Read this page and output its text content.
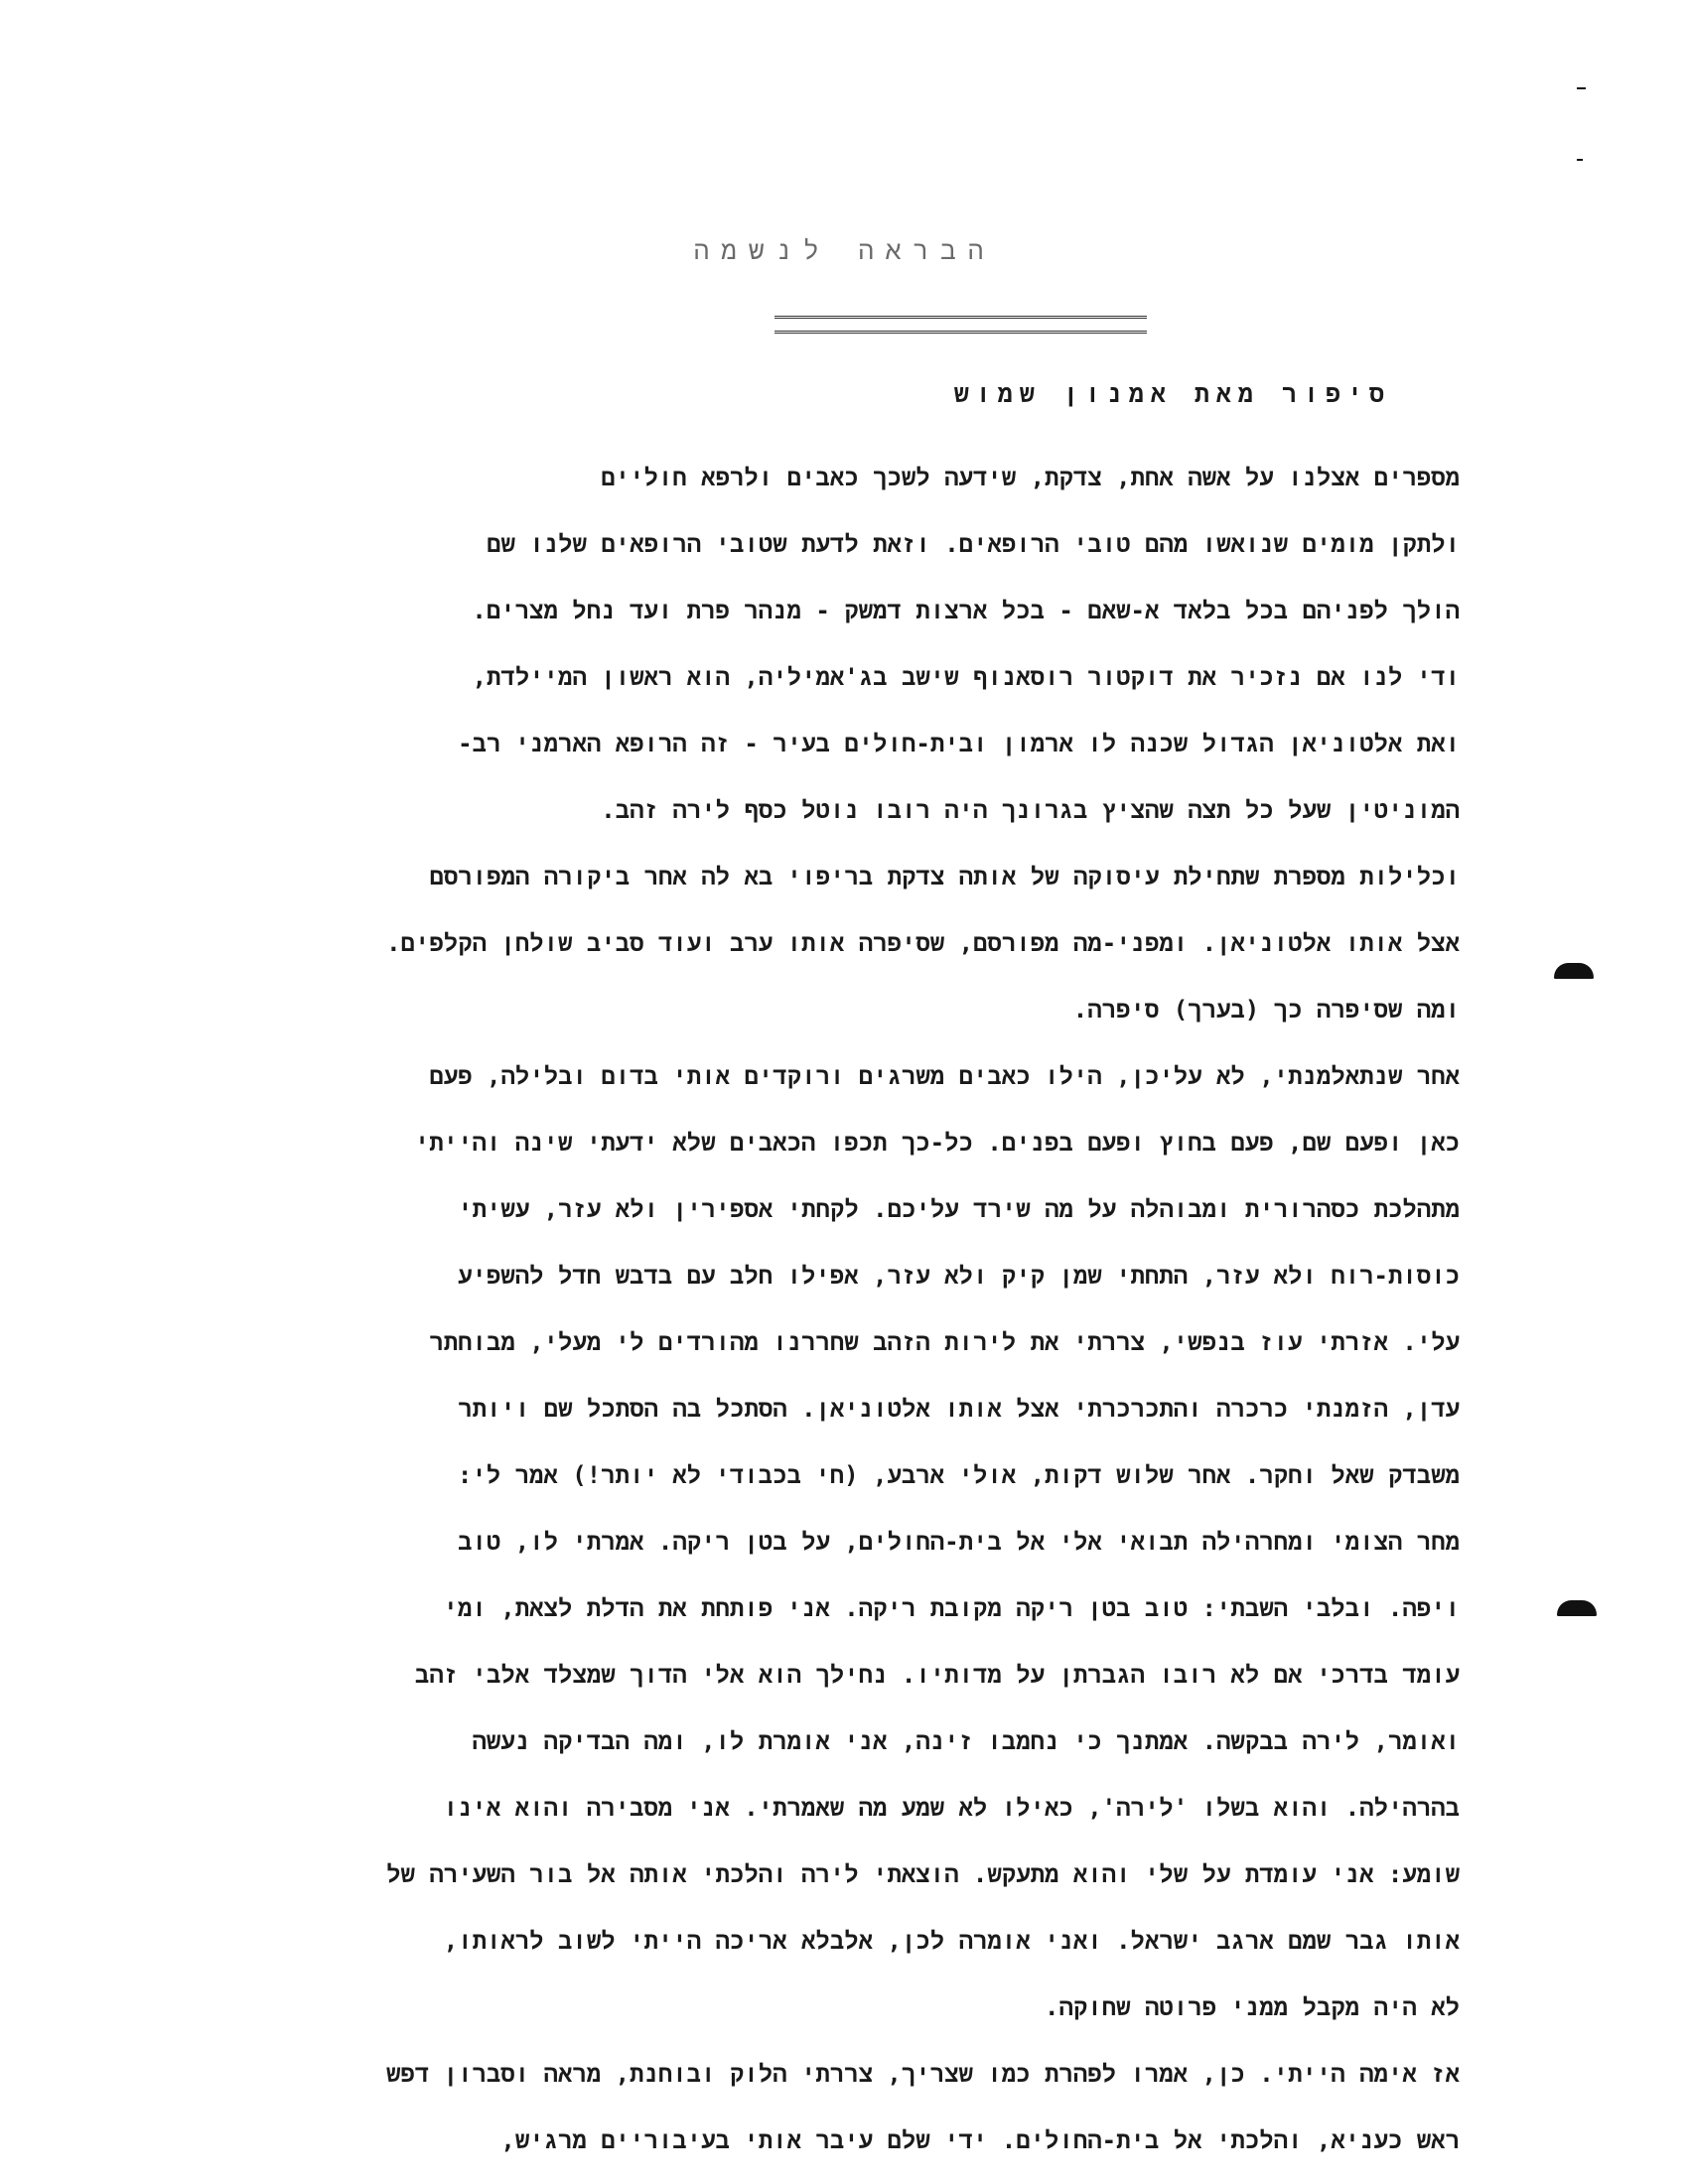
הבראה לנשמה
סיפור מאת אמנון שמוש
מספרים אצלנו על אשה אחת, צדקת, שידעה לשכך כאבים ולרפא חוליים
ולתקן מומים שנואשו מהם טובי הרופאים. וזאת לדעת שטובי הרופאים שלנו שם
הולך לפניהם בכל בלאד א-שאם - בכל ארצות דמשק - מנהר פרת ועד נחל מצרים.
ודי לנו אם נזכיר את דוקטור רוסאנוף שישב בג'אמיליה, הוא ראשון המיילדת,
ואת אלטוניאן הגדול שכנה לו ארמון ובית-חולים בעיר - זה הרופא הארמני רב-
המוניטין שעל כל תצה שהציץ בגרונך היה רובו נוטל כסף לירה זהב.
וכלילות מספרת שתחילת עיסוקה של אותה צדקת בריפוי בא לה אחר ביקורה המפורסם
אצל אותו אלטוניאן. ומפני-מה מפורסם, שסיפרה אותו ערב ועוד סביב שולחן הקלפים.
ומה שסיפרה כך (בערך) סיפרה.
אחר שנתאלמנתי, לא עליכן, הילו כאבים משרגים ורוקדים אותי בדום ובלילה, פעם
כאן ופעם שם, פעם בחוץ ופעם בפנים. כל-כך תכפו הכאבים שלא ידעתי שינה והייתי
מתהלכת כסהרורית ומבוהלה על מה שירד עליכם. לקחתי אספירין ולא עזר, עשיתי
כוסות-רוח ולא עזר, התחתי שמן קיק ולא עזר, אפילו חלב עם בדבש חדל להשפיע
עלי. אזרתי עוז בנפשי, צררתי את לירות הזהב שחררנו מהורדים לי מעלי, מבוחתר
עדן, הזמנתי כרכרה והתכרכרתי אצל אותו אלטוניאן. הסתכל בה הסתכל שם ויותר
משבדק שאל וחקר. אחר שלוש דקות, אולי ארבע, (חי בכבודי לא יותר!) אמר לי:
מחר הצומי ומחרהילה תבואי אלי אל בית-החולים, על בטן ריקה. אמרתי לו, טוב
ויפה. ובלבי השבתי: טוב בטן ריקה מקובת ריקה. אני פותחת את הדלת לצאת, ומי
עומד בדרכי אם לא רובו הגברתן על מדותיו. נחילך הוא אלי הדוך שמצלד אלבי זהב
ואומר, לירה בבקשה. אמתנך כי נחמבו זינה, אני אומרת לו, ומה הבדיקה נעשה
בהרהילה. והוא בשלו 'לירה', כאילו לא שמע מה שאמרתי. אני מסבירה והוא אינו
שומע: אני עומדת על שלי והוא מתעקש. הוצאתי לירה והלכתי אותה אל בור השעירה של
אותו גבר שמם ארגב ישראל. ואני אומרה לכן, אלבלא אריכה הייתי לשוב לראותו,
לא היה מקבל ממני פרוטה שחוקה.
אז אימה הייתי. כן, אמרו לפהרת כמו שצריך, צררתי הלוק ובוחנת, מראה וסברון דפש
ראש כעניא, והלכתי אל בית-החולים. ידי שלם עיבר אותי בעיבוריים מרגיש,
